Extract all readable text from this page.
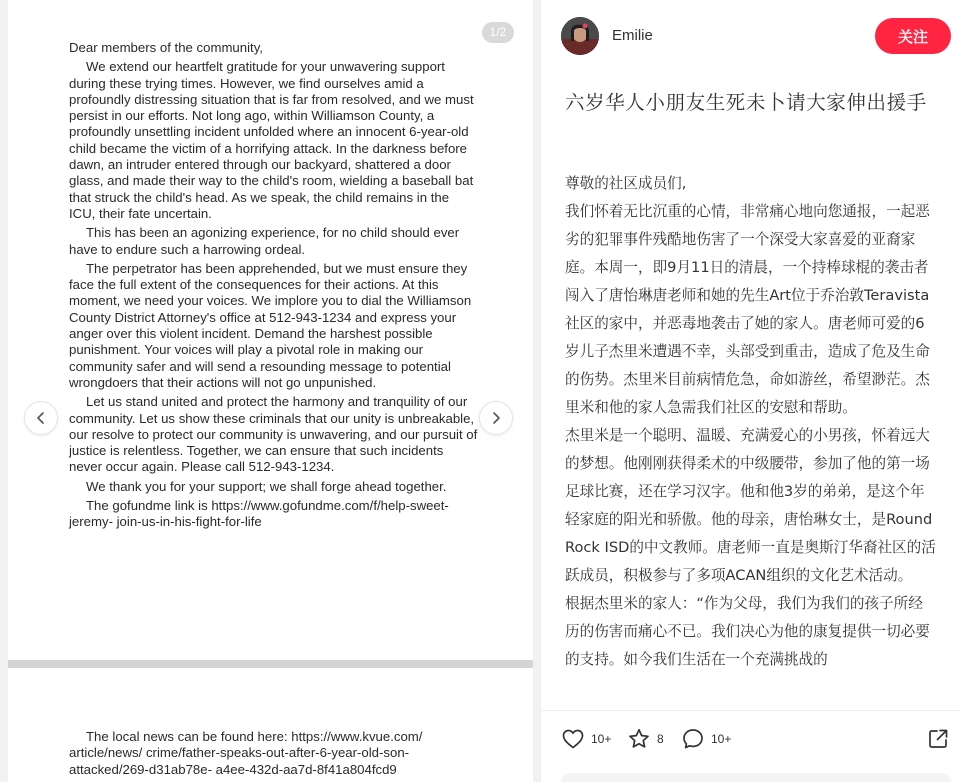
Dear members of the community,

We extend our heartfelt gratitude for your unwavering support during these trying times. However, we find ourselves amid a profoundly distressing situation that is far from resolved, and we must persist in our efforts. Not long ago, within Williamson County, a profoundly unsettling incident unfolded where an innocent 6-year-old child became the victim of a horrifying attack. In the darkness before dawn, an intruder entered through our backyard, shattered a door glass, and made their way to the child's room, wielding a baseball bat that struck the child's head. As we speak, the child remains in the ICU, their fate uncertain.

This has been an agonizing experience, for no child should ever have to endure such a harrowing ordeal.

The perpetrator has been apprehended, but we must ensure they face the full extent of the consequences for their actions. At this moment, we need your voices. We implore you to dial the Williamson County District Attorney's office at 512-943-1234 and express your anger over this violent incident. Demand the harshest possible punishment. Your voices will play a pivotal role in making our community safer and will send a resounding message to potential wrongdoers that their actions will not go unpunished.

Let us stand united and protect the harmony and tranquility of our community. Let us show these criminals that our unity is unbreakable, our resolve to protect our community is unwavering, and our pursuit of justice is relentless. Together, we can ensure that such incidents never occur again. Please call 512-943-1234.

We thank you for your support; we shall forge ahead together.

The gofundme link is https://www.gofundme.com/f/help-sweet-jeremy- join-us-in-his-fight-for-life

1/2

The local news can be found here: https://www.kvue.com/ article/news/ crime/father-speaks-out-after-6-year-old-son-attacked/269-d31ab78e- a4ee-432d-aa7d-8f41a804fcd9

Emilie	关注
六岁华人小朋友生死未卜请大家伸出援手

尊敬的社区成员们,

我们怀着无比沉重的心情，非常痛心地向您通报，一起恶劣的犯罪事件残酷地伤害了一个深受大家喜爱的亚裔家庭。本周一，即9月11日的清晨，一个持棒球棍的袭击者闯入了唐怡琳唐老师和她的先生Art位于乔治敦Teravista社区的家中，并恶毒地袭击了她的家人。唐老师可爱的6岁儿子杰里米遭遇不幸，头部受到重击，造成了危及生命的伤势。杰里米目前病情危急，命如游丝，希望渺茫。杰里米和他的家人急需我们社区的安慰和帮助。

杰里米是一个聪明、温暖、充满爱心的小男孩，怀着远大的梦想。他刚刚获得柔术的中级腰带，参加了他的第一场足球比赛，还在学习汉字。他和他3岁的弟弟，是这个年轻家庭的阳光和骄傲。他的母亲，唐怡琳女士，是Round Rock ISD的中文教师。唐老师一直是奥斯汀华裔社区的活跃成员，积极参与了多项ACAN组织的文化艺术活动。

根据杰里米的家人：“作为父母，我们为我们的孩子所经历的伤害而痛心不已。我们决心为他的康复提供一切必要的支持。如今我们生活在一个充满挑战的

10+	8	10+
